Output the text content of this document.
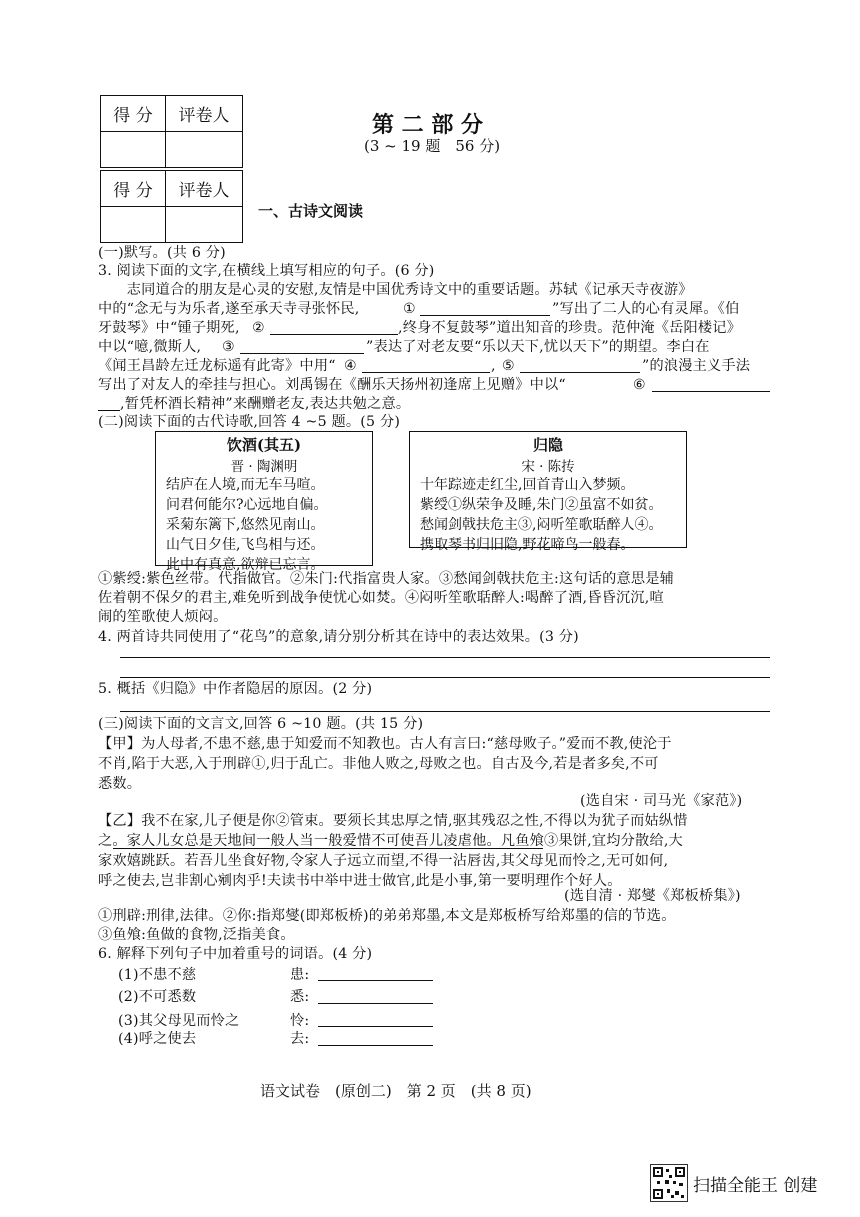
得 分	评卷人

得 分	评卷人

第 二 部 分
(3 ~ 19 题　56 分)
一、古诗文阅读
(一)默写。(共 6 分)
3. 阅读下面的文字,在横线上填写相应的句子。(6 分)
　　志同道合的朋友是心灵的安慰,友情是中国优秀诗文中的重要话题。苏轼《记承天寺夜游》
中的“念无与为乐者,遂至承天寺寻张怀民,	①	”写出了二人的心有灵犀。《伯
牙鼓琴》中“锺子期死, ②	,终身不复鼓琴”道出知音的珍贵。范仲淹《岳阳楼记》
中以“噫,微斯人, ③	”表达了对老友要“乐以天下,忧以天下”的期望。李白在
《闻王昌龄左迁龙标遥有此寄》中用“ ④	, ⑤	”的浪漫主义手法
写出了对友人的牵挂与担心。刘禹锡在《酬乐天扬州初逢席上见赠》中以“	⑥
,暂凭杯酒长精神”来酬赠老友,表达共勉之意。
(二)阅读下面的古代诗歌,回答 4 ~5 题。(5 分)
饮酒(其五)
晋 · 陶渊明
结庐在人境,而无车马喧。
问君何能尔?心远地自偏。
采菊东篱下,悠然见南山。
山气日夕佳,飞鸟相与还。
此中有真意,欲辩已忘言。
归隐
宋 · 陈抟
十年踪迹走红尘,回首青山入梦频。
紫绶①纵荣争及睡,朱门②虽富不如贫。
愁闻剑戟扶危主③,闷听笙歌聒醉人④。
携取琴书归旧隐,野花啼鸟一般春。
①紫绶:紫色丝带。代指做官。②朱门:代指富贵人家。③愁闻剑戟扶危主:这句话的意思是辅
佐着朝不保夕的君主,难免听到战争使忧心如焚。④闷听笙歌聒醉人:喝醉了酒,昏昏沉沉,喧
闹的笙歌使人烦闷。
4. 两首诗共同使用了“花鸟”的意象,请分别分析其在诗中的表达效果。(3 分)
5. 概括《归隐》中作者隐居的原因。(2 分)
(三)阅读下面的文言文,回答 6 ~10 题。(共 15 分)
【甲】为人母者,不患不慈,患于知爱而不知教也。古人有言曰:“慈母败子。”爱而不教,使沦于
不肖,陷于大恶,入于刑辟①,归于乱亡。非他人败之,母败之也。自古及今,若是者多矣,不可
悉数。
(选自宋 · 司马光《家范》)
【乙】我不在家,儿子便是你②管束。要须长其忠厚之情,驱其残忍之性,不得以为犹子而姑纵惜
之。家人儿女总是天地间一般人当一般爱惜不可使吾儿凌虐他。凡鱼飧③果饼,宜均分散给,大
家欢嬉跳跃。若吾儿坐食好物,令家人子远立而望,不得一沾唇齿,其父母见而怜之,无可如何,
呼之使去,岂非割心剜肉乎!夫读书中举中进士做官,此是小事,第一要明理作个好人。
(选自清 · 郑燮《郑板桥集》)
①刑辟:刑律,法律。②你:指郑燮(即郑板桥)的弟弟郑墨,本文是郑板桥写给郑墨的信的节选。
③鱼飧:鱼做的食物,泛指美食。
6. 解释下列句子中加着重号的词语。(4 分)
(1)不患不慈	患:
(2)不可悉数	悉:
(3)其父母见而怜之	怜:
(4)呼之使去	去:
语文试卷　(原创二)　第 2 页　(共 8 页)
扫描全能王 创建
